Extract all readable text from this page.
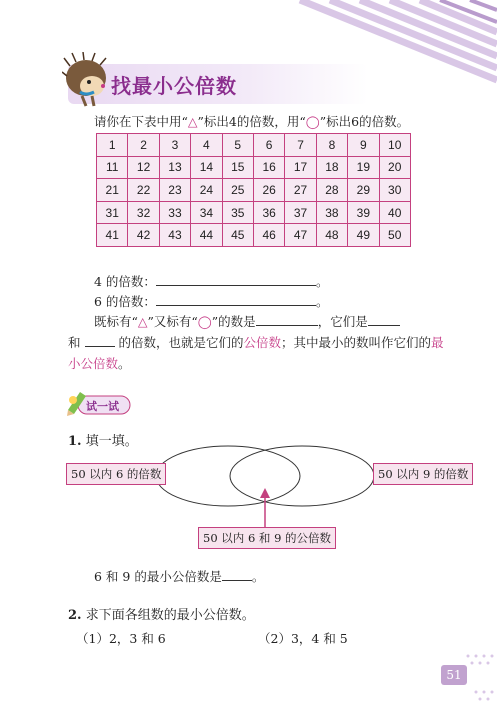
找最小公倍数
请你在下表中用“△”标出4的倍数，用“◯”标出6的倍数。
1	2	3	4	5	6	7	8	9	10
11	12	13	14	15	16	17	18	19	20
21	22	23	24	25	26	27	28	29	30
31	32	33	34	35	36	37	38	39	40
41	42	43	44	45	46	47	48	49	50
4 的倍数：	。
6 的倍数：	。
既标有“△”又标有“◯”的数是	，它们是
和	的倍数，也就是它们的公倍数；其中最小的数叫作它们的最
小公倍数。
试一试
1. 填一填。
50 以内 6 的倍数	50 以内 9 的倍数
50 以内 6 和 9 的公倍数
6 和 9 的最小公倍数是 。
2. 求下面各组数的最小公倍数。
（1）2，3 和 6	（2）3，4 和 5
51
